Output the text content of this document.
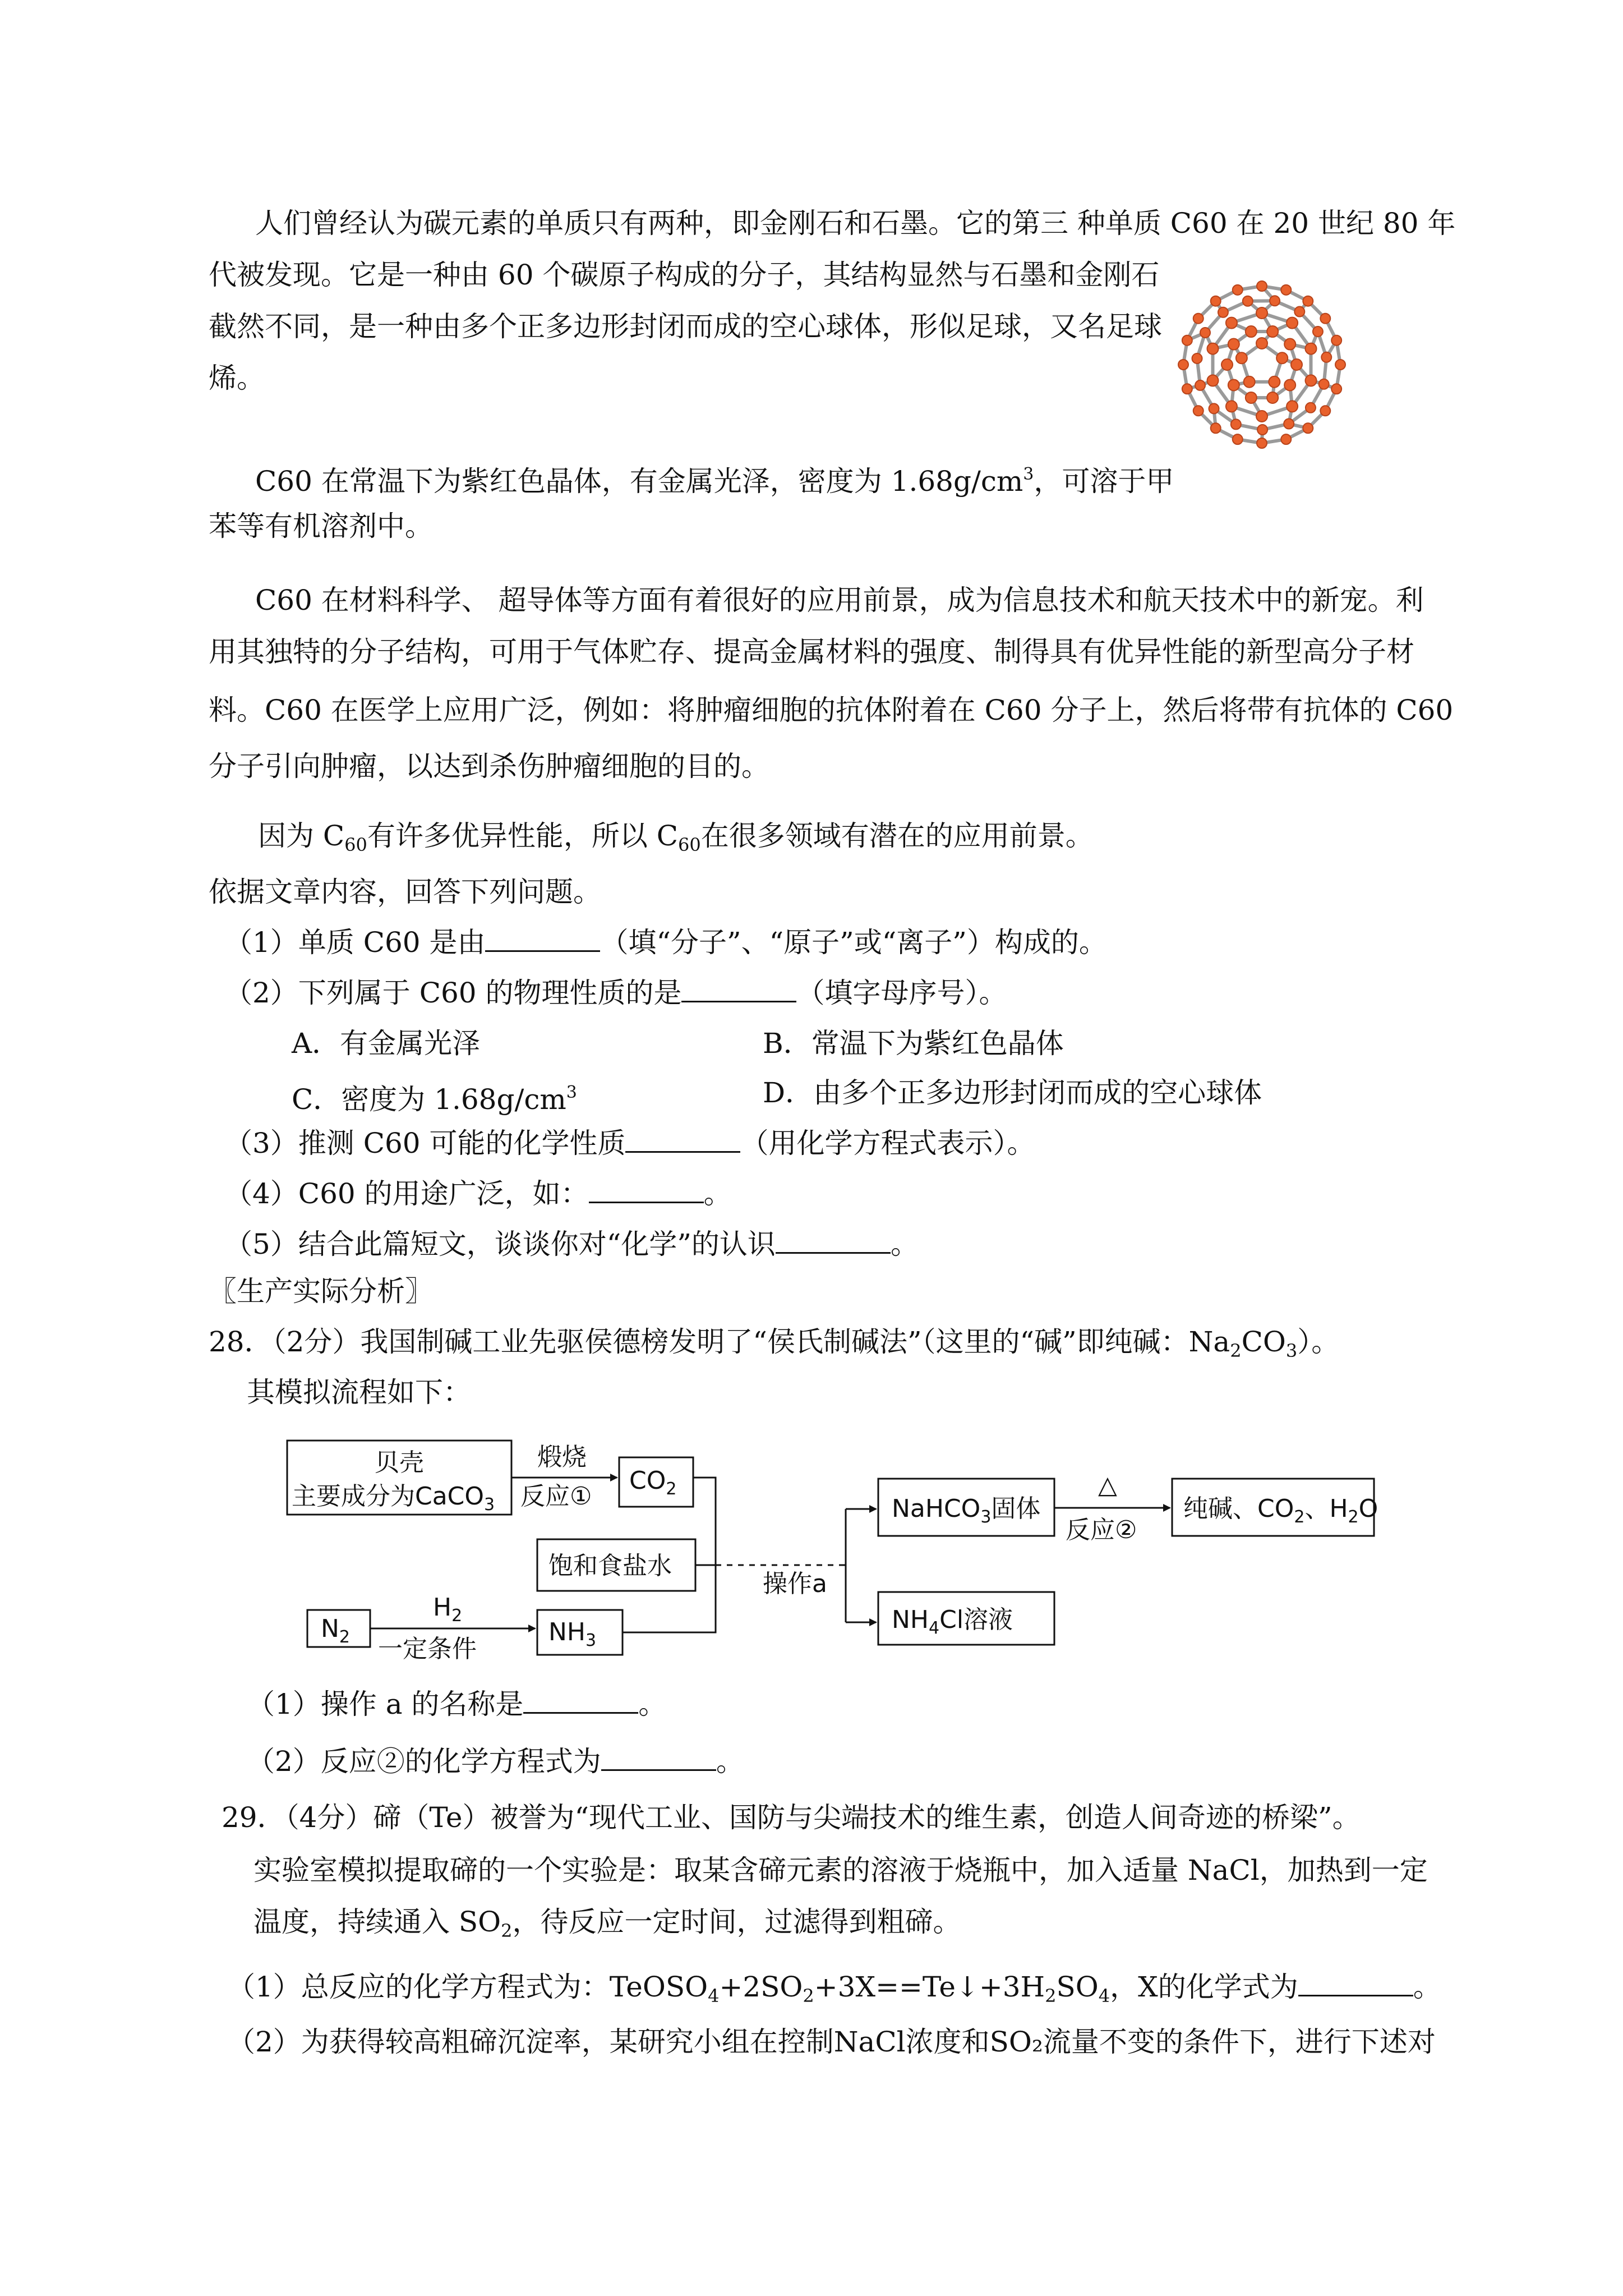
人们曾经认为碳元素的单质只有两种，即金刚石和石墨。它的第三 种单质 C60 在 20 世纪 80 年
代被发现。它是一种由 60 个碳原子构成的分子，其结构显然与石墨和金刚石
截然不同，是一种由多个正多边形封闭而成的空心球体，形似足球，又名足球
烯。
C60 在常温下为紫红色晶体，有金属光泽，密度为 $1.68g/cm^3$，可溶于甲
苯等有机溶剂中。
C60 在材料科学、 超导体等方面有着很好的应用前景，成为信息技术和航天技术中的新宠。利
用其独特的分子结构，可用于气体贮存、提高金属材料的强度、制得具有优异性能的新型高分子材
料。C60 在医学上应用广泛，例如：将肿瘤细胞的抗体附着在 C60 分子上，然后将带有抗体的 C60
分子引向肿瘤，以达到杀伤肿瘤细胞的目的。
因为 $C_{60}$有许多优异性能，所以 $C_{60}$在很多领域有潜在的应用前景。
依据文章内容，回答下列问题。
（1）单质 C60 是由	（填“分子”、“原子”或“离子”）构成的。
（2）下列属于 C60 的物理性质的是	（填字母序号）。
A．有金属光泽	B．常温下为紫红色晶体
C．密度为 $1.68g/cm^3$	D．由多个正多边形封闭而成的空心球体
（3）推测 C60 可能的化学性质	（用化学方程式表示）。
（4）C60 的用途广泛，如：	。
（5）结合此篇短文，谈谈你对“化学”的认识	。
〖生产实际分析〗
28．（2分）我国制碱工业先驱侯德榜发明了“侯氏制碱法”（这里的“碱”即纯碱：$Na_2CO_3$）。
其模拟流程如下：
贝壳
主要成分为CaCO$_3$
煅烧
反应①
$CO_2$
饱和食盐水
$N_2$
$H_2$
一定条件
$NH_3$
操作a
NaHCO$_3$固体
$NH_4Cl$溶液
△
反应②
纯碱、$CO_2$、$H_2O$
（1）操作 a 的名称是	。
（2）反应②的化学方程式为	。
29．（4分）碲（Te）被誉为“现代工业、国防与尖端技术的维生素，创造人间奇迹的桥梁”。
实验室模拟提取碲的一个实验是：取某含碲元素的溶液于烧瓶中，加入适量 NaCl，加热到一定
温度，持续通入 $SO_2$，待反应一定时间，过滤得到粗碲。
（1）总反应的化学方程式为：$TeOSO_4+2SO_2+3X==Te↓+3H_2SO_4$，X的化学式为	。
（2）为获得较高粗碲沉淀率，某研究小组在控制NaCl浓度和SO₂流量不变的条件下，进行下述对
